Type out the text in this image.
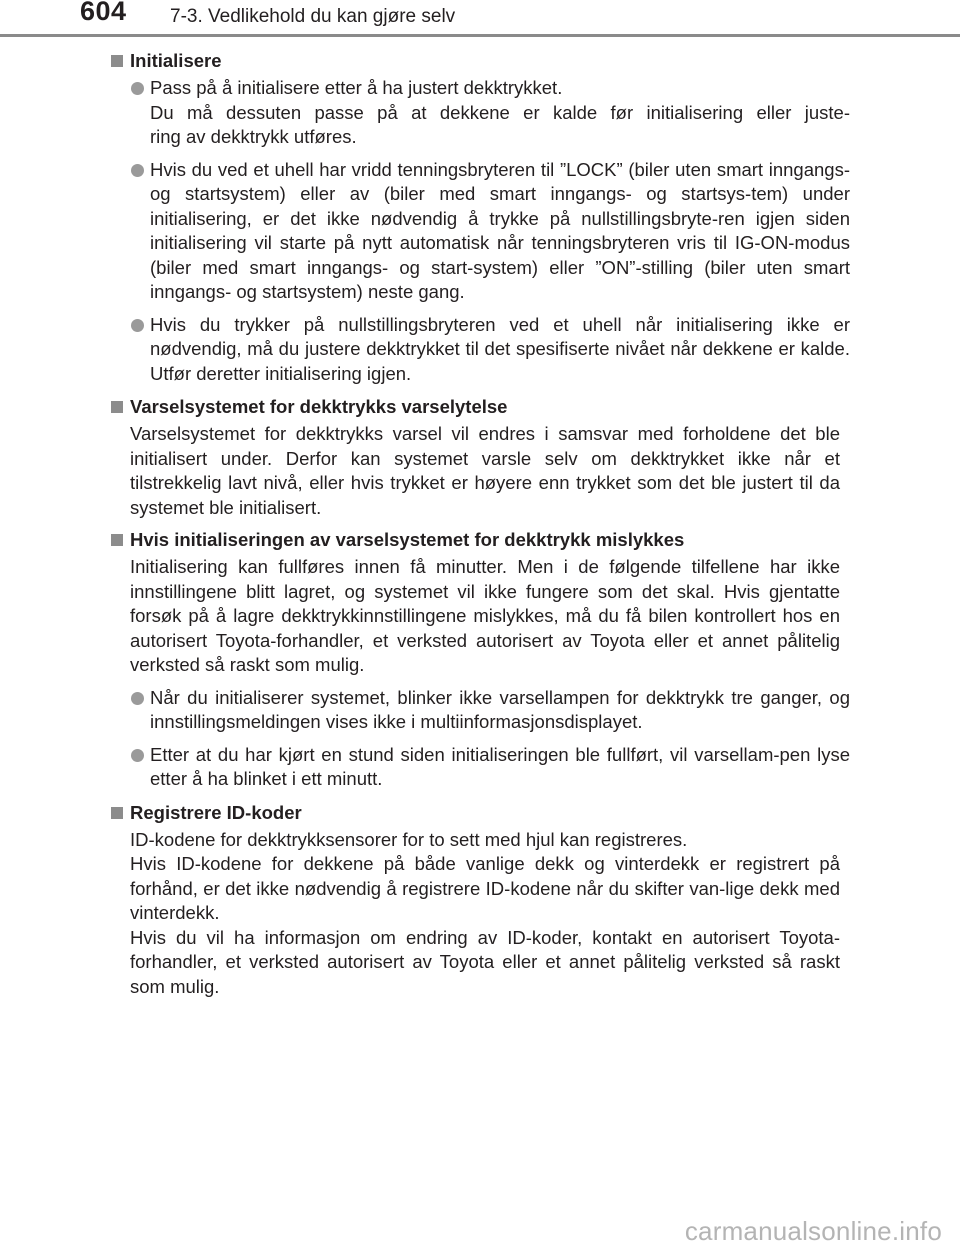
604 7-3. Vedlikehold du kan gjøre selv
Initialisere
Pass på å initialisere etter å ha justert dekktrykket.
Du må dessuten passe på at dekkene er kalde før initialisering eller juste-
ring av dekktrykk utføres.
Hvis du ved et uhell har vridd tenningsbryteren til ”LOCK” (biler uten smart inngangs- og startsystem) eller av (biler med smart inngangs- og startsys-tem) under initialisering, er det ikke nødvendig å trykke på nullstillingsbryte-ren igjen siden initialisering vil starte på nytt automatisk når tenningsbryteren vris til IG-ON-modus (biler med smart inngangs- og start-system) eller ”ON”-stilling (biler uten smart inngangs- og startsystem) neste gang.
Hvis du trykker på nullstillingsbryteren ved et uhell når initialisering ikke er nødvendig, må du justere dekktrykket til det spesifiserte nivået når dekkene er kalde. Utfør deretter initialisering igjen.
Varselsystemet for dekktrykks varselytelse
Varselsystemet for dekktrykks varsel vil endres i samsvar med forholdene det ble initialisert under. Derfor kan systemet varsle selv om dekktrykket ikke når et tilstrekkelig lavt nivå, eller hvis trykket er høyere enn trykket som det ble justert til da systemet ble initialisert.
Hvis initialiseringen av varselsystemet for dekktrykk mislykkes
Initialisering kan fullføres innen få minutter. Men i de følgende tilfellene har ikke innstillingene blitt lagret, og systemet vil ikke fungere som det skal. Hvis gjentatte forsøk på å lagre dekktrykkinnstillingene mislykkes, må du få bilen kontrollert hos en autorisert Toyota-forhandler, et verksted autorisert av Toyota eller et annet pålitelig verksted så raskt som mulig.
Når du initialiserer systemet, blinker ikke varsellampen for dekktrykk tre ganger, og innstillingsmeldingen vises ikke i multiinformasjonsdisplayet.
Etter at du har kjørt en stund siden initialiseringen ble fullført, vil varsellam-pen lyse etter å ha blinket i ett minutt.
Registrere ID-koder
ID-kodene for dekktrykksensorer for to sett med hjul kan registreres.
Hvis ID-kodene for dekkene på både vanlige dekk og vinterdekk er registrert på forhånd, er det ikke nødvendig å registrere ID-kodene når du skifter van-lige dekk med vinterdekk.
Hvis du vil ha informasjon om endring av ID-koder, kontakt en autorisert Toyota-forhandler, et verksted autorisert av Toyota eller et annet pålitelig verksted så raskt som mulig.
carmanualsonline.info
